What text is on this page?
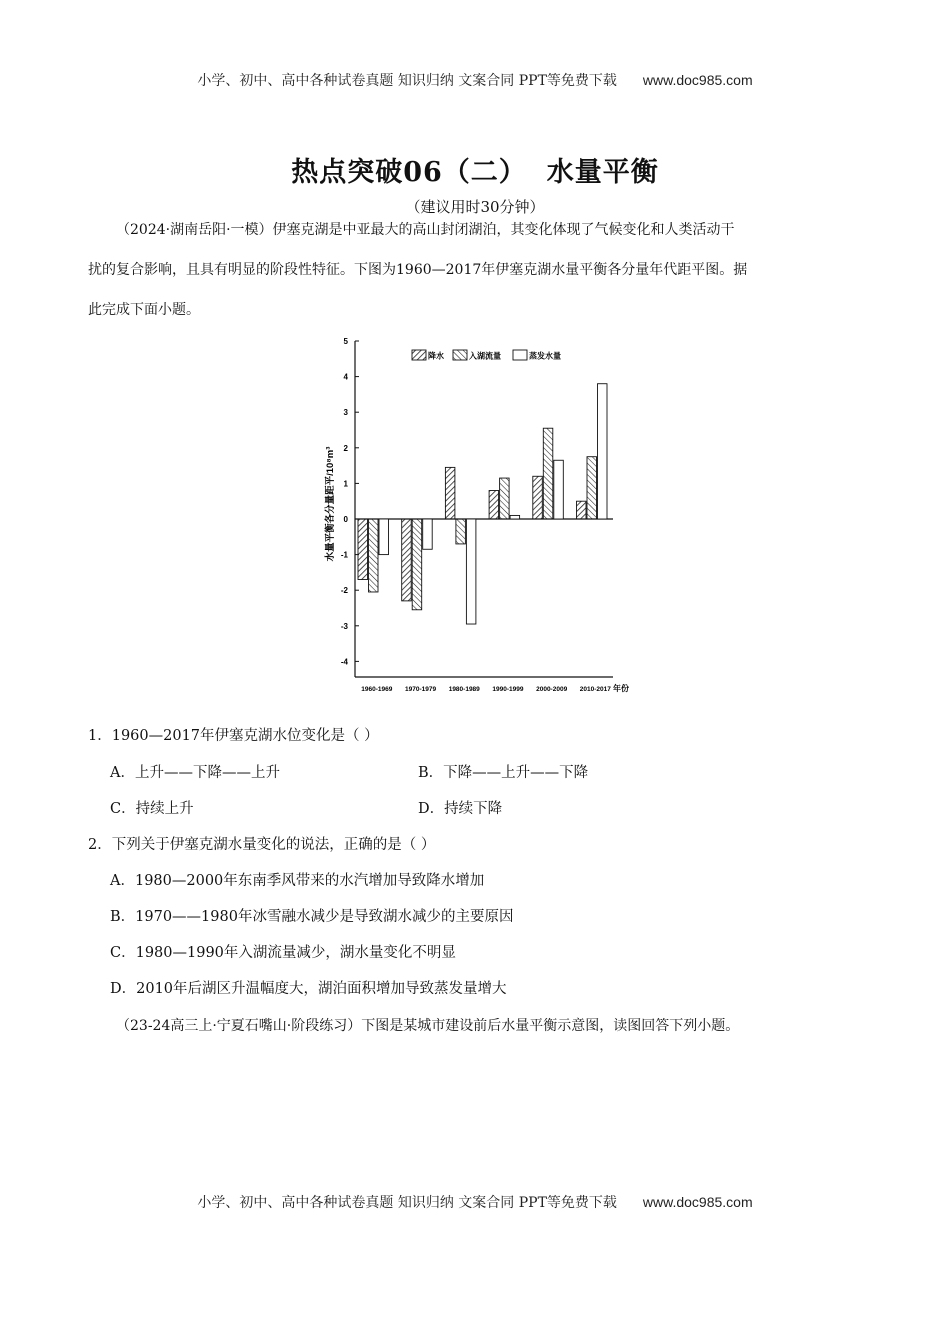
小学、初中、高中各种试卷真题 知识归纳 文案合同 PPT等免费下载 www.doc985.com
热点突破06（二） 水量平衡
（建议用时30分钟）
（2024·湖南岳阳·一模）伊塞克湖是中亚最大的高山封闭湖泊，其变化体现了气候变化和人类活动干
扰的复合影响，且具有明显的阶段性特征。下图为1960—2017年伊塞克湖水量平衡各分量年代距平图。据
此完成下面小题。
5
4
3
2
1
0
-1
-2
-3
-4
水量平衡各分量距平/10⁸m³
1960-1969 1970-1979 1980-1989 1990-1999 2000-2009 2010-2017 年份
降水	入湖流量	蒸发水量
1．1960—2017年伊塞克湖水位变化是（ ）
A．上升——下降——上升	B．下降——上升——下降
C．持续上升	D．持续下降
2．下列关于伊塞克湖水量变化的说法，正确的是（ ）
A．1980—2000年东南季风带来的水汽增加导致降水增加
B．1970——1980年冰雪融水减少是导致湖水减少的主要原因
C．1980—1990年入湖流量减少，湖水量变化不明显
D．2010年后湖区升温幅度大，湖泊面积增加导致蒸发量增大
（23-24高三上·宁夏石嘴山·阶段练习）下图是某城市建设前后水量平衡示意图，读图回答下列小题。
小学、初中、高中各种试卷真题 知识归纳 文案合同 PPT等免费下载 www.doc985.com
